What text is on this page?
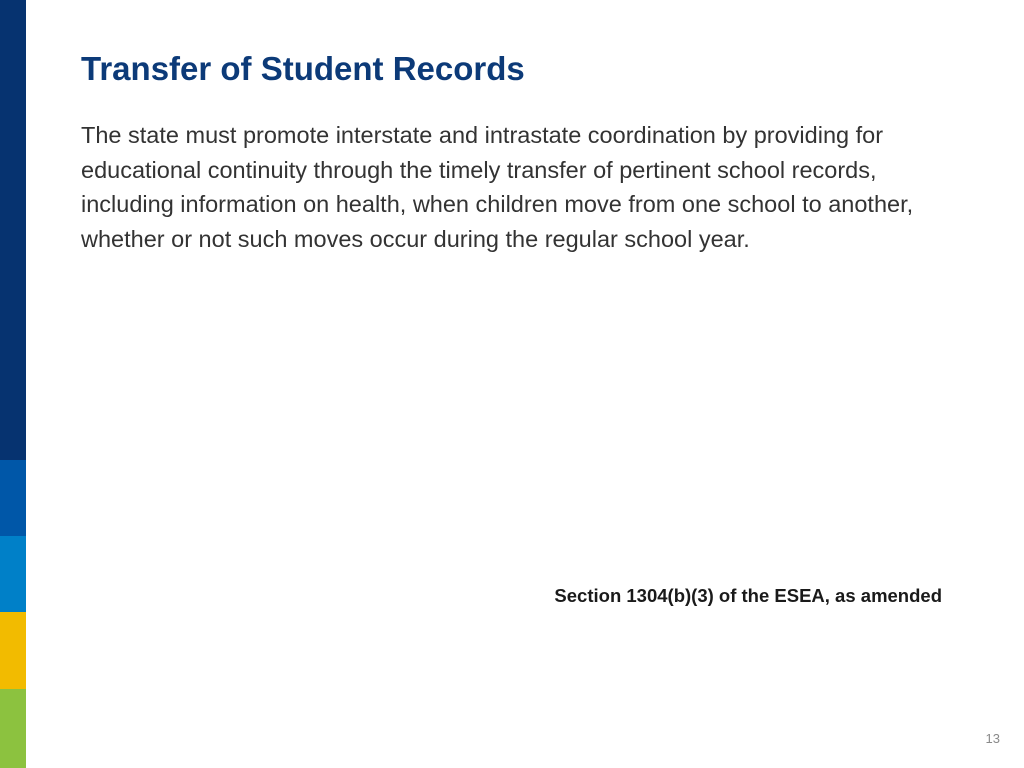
Transfer of Student Records

The state must promote interstate and intrastate coordination by providing for educational continuity through the timely transfer of pertinent school records, including information on health, when children move from one school to another, whether or not such moves occur during the regular school year.

Section 1304(b)(3) of the ESEA, as amended

13
